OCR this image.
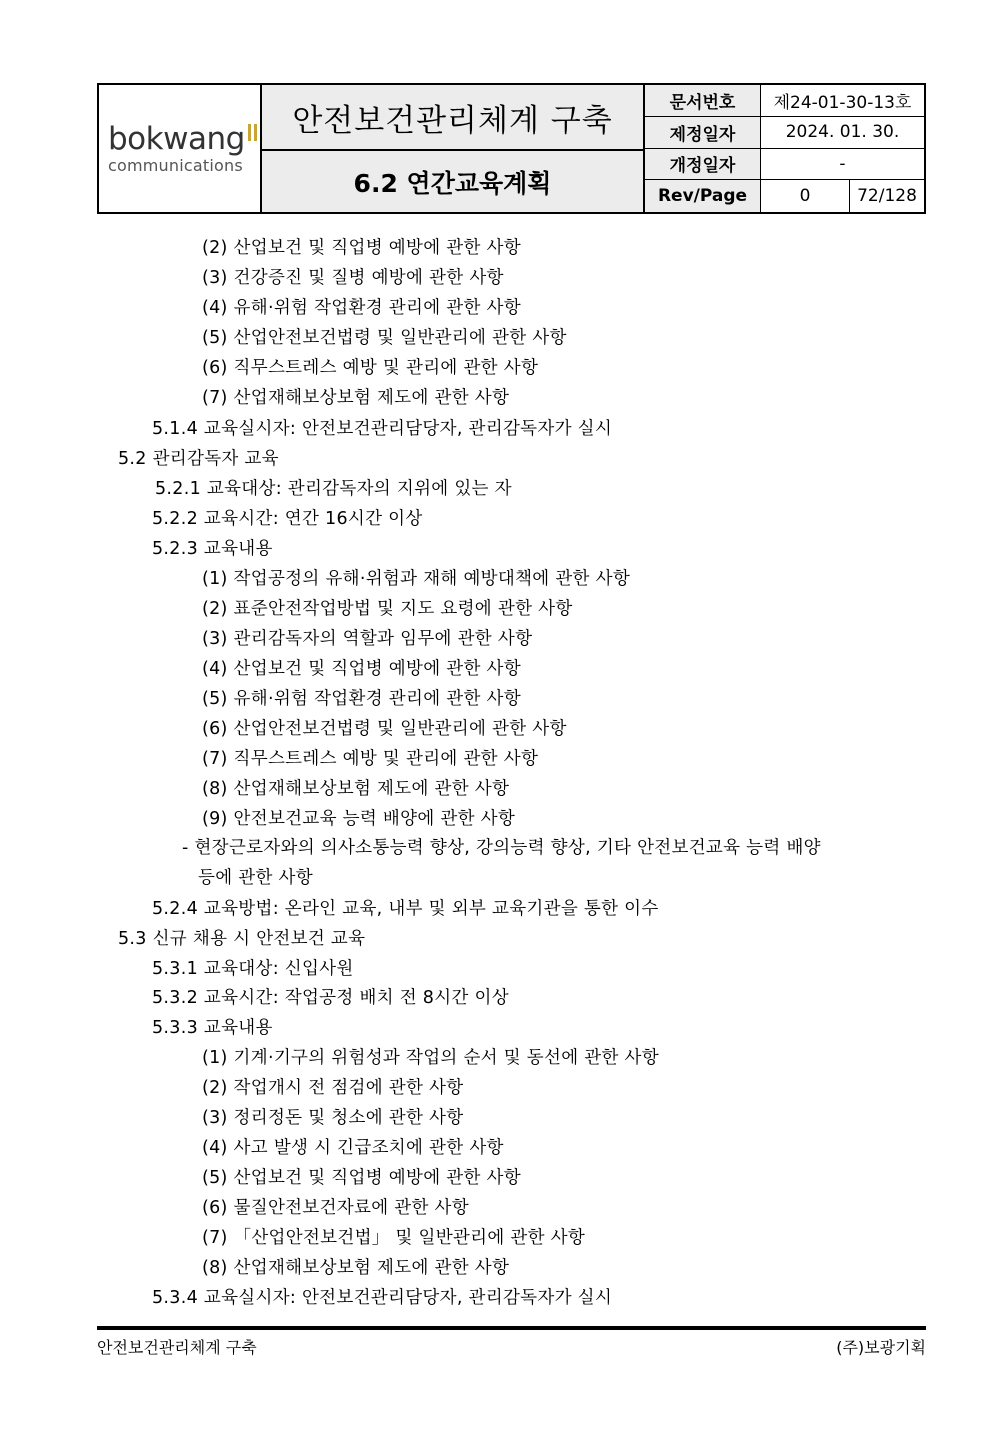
bokwang
communications
안전보건관리체계 구축
6.2 연간교육계획
문서번호	제24-01-30-13호
제정일자	2024. 01. 30.
개정일자	-
Rev/Page	0	72/128
(2) 산업보건 및 직업병 예방에 관한 사항
(3) 건강증진 및 질병 예방에 관한 사항
(4) 유해·위험 작업환경 관리에 관한 사항
(5) 산업안전보건법령 및 일반관리에 관한 사항
(6) 직무스트레스 예방 및 관리에 관한 사항
(7) 산업재해보상보험 제도에 관한 사항
5.1.4 교육실시자: 안전보건관리담당자, 관리감독자가 실시
5.2 관리감독자 교육
5.2.1 교육대상: 관리감독자의 지위에 있는 자
5.2.2 교육시간: 연간 16시간 이상
5.2.3 교육내용
(1) 작업공정의 유해·위험과 재해 예방대책에 관한 사항
(2) 표준안전작업방법 및 지도 요령에 관한 사항
(3) 관리감독자의 역할과 임무에 관한 사항
(4) 산업보건 및 직업병 예방에 관한 사항
(5) 유해·위험 작업환경 관리에 관한 사항
(6) 산업안전보건법령 및 일반관리에 관한 사항
(7) 직무스트레스 예방 및 관리에 관한 사항
(8) 산업재해보상보험 제도에 관한 사항
(9) 안전보건교육 능력 배양에 관한 사항
- 현장근로자와의 의사소통능력 향상, 강의능력 향상, 기타 안전보건교육 능력 배양
등에 관한 사항
5.2.4 교육방법: 온라인 교육, 내부 및 외부 교육기관을 통한 이수
5.3 신규 채용 시 안전보건 교육
5.3.1 교육대상: 신입사원
5.3.2 교육시간: 작업공정 배치 전 8시간 이상
5.3.3 교육내용
(1) 기계·기구의 위험성과 작업의 순서 및 동선에 관한 사항
(2) 작업개시 전 점검에 관한 사항
(3) 정리정돈 및 청소에 관한 사항
(4) 사고 발생 시 긴급조치에 관한 사항
(5) 산업보건 및 직업병 예방에 관한 사항
(6) 물질안전보건자료에 관한 사항
(7) 「산업안전보건법」 및 일반관리에 관한 사항
(8) 산업재해보상보험 제도에 관한 사항
5.3.4 교육실시자: 안전보건관리담당자, 관리감독자가 실시
안전보건관리체계 구축	(주)보광기획
